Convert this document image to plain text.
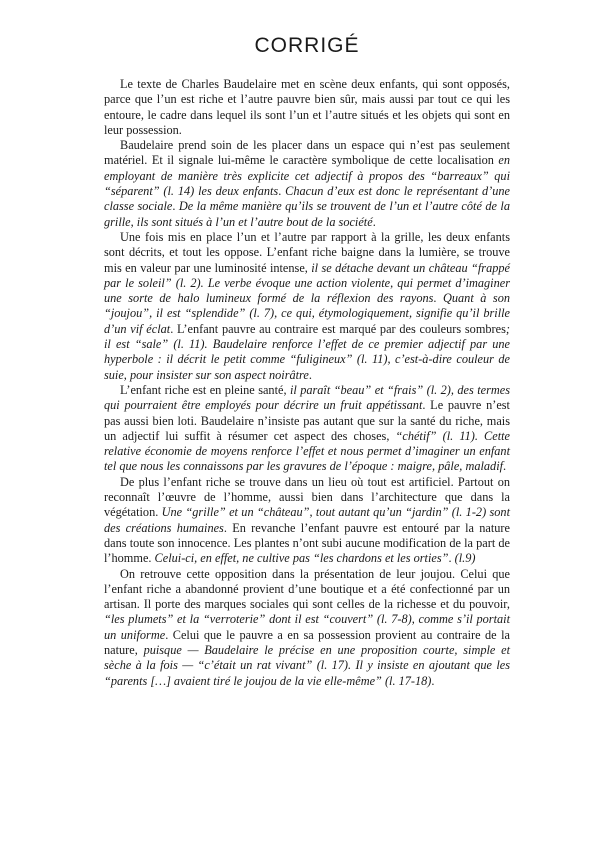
CORRIGÉ

Le texte de Charles Baudelaire met en scène deux enfants, qui sont opposés, parce que l’un est riche et l’autre pauvre bien sûr, mais aussi par tout ce qui les entoure, le cadre dans lequel ils sont l’un et l’autre situés et les objets qui sont en leur possession.

Baudelaire prend soin de les placer dans un espace qui n’est pas seulement matériel. Et il signale lui-même le caractère symbolique de cette localisation en employant de manière très explicite cet adjectif à propos des “barreaux” qui “séparent” (l. 14) les deux enfants. Chacun d’eux est donc le représentant d’une classe sociale. De la même manière qu’ils se trouvent de l’un et l’autre côté de la grille, ils sont situés à l’un et l’autre bout de la société.

Une fois mis en place l’un et l’autre par rapport à la grille, les deux enfants sont décrits, et tout les oppose. L’enfant riche baigne dans la lumière, se trouve mis en valeur par une luminosité intense, il se détache devant un château “frappé par le soleil” (l. 2). Le verbe évoque une action violente, qui permet d’imaginer une sorte de halo lumineux formé de la réflexion des rayons. Quant à son “joujou”, il est “splendide” (l. 7), ce qui, étymologiquement, signifie qu’il brille d’un vif éclat. L’enfant pauvre au contraire est marqué par des couleurs sombres; il est “sale” (l. 11). Baudelaire renforce l’effet de ce premier adjectif par une hyperbole : il décrit le petit comme “fuligineux” (l. 11), c’est-à-dire couleur de suie, pour insister sur son aspect noirâtre.

L’enfant riche est en pleine santé, il paraît “beau” et “frais” (l. 2), des termes qui pourraient être employés pour décrire un fruit appétissant. Le pauvre n’est pas aussi bien loti. Baudelaire n’insiste pas autant que sur la santé du riche, mais un adjectif lui suffit à résumer cet aspect des choses, “chétif” (l. 11). Cette relative économie de moyens renforce l’effet et nous permet d’imaginer un enfant tel que nous les connaissons par les gravures de l’époque : maigre, pâle, maladif.

De plus l’enfant riche se trouve dans un lieu où tout est artificiel. Partout on reconnaît l’œuvre de l’homme, aussi bien dans l’architecture que dans la végétation. Une “grille” et un “château”, tout autant qu’un “jardin” (l. 1-2) sont des créations humaines. En revanche l’enfant pauvre est entouré par la nature dans toute son innocence. Les plantes n’ont subi aucune modification de la part de l’homme. Celui-ci, en effet, ne cultive pas “les chardons et les orties”. (l.9)

On retrouve cette opposition dans la présentation de leur joujou. Celui que l’enfant riche a abandonné provient d’une boutique et a été confectionné par un artisan. Il porte des marques sociales qui sont celles de la richesse et du pouvoir, “les plumets” et la “verroterie” dont il est “couvert” (l. 7-8), comme s’il portait un uniforme. Celui que le pauvre a en sa possession provient au contraire de la nature, puisque — Baudelaire le précise en une proposition courte, simple et sèche à la fois — “c’était un rat vivant” (l. 17). Il y insiste en ajoutant que les “parents […] avaient tiré le joujou de la vie elle-même” (l. 17-18).
